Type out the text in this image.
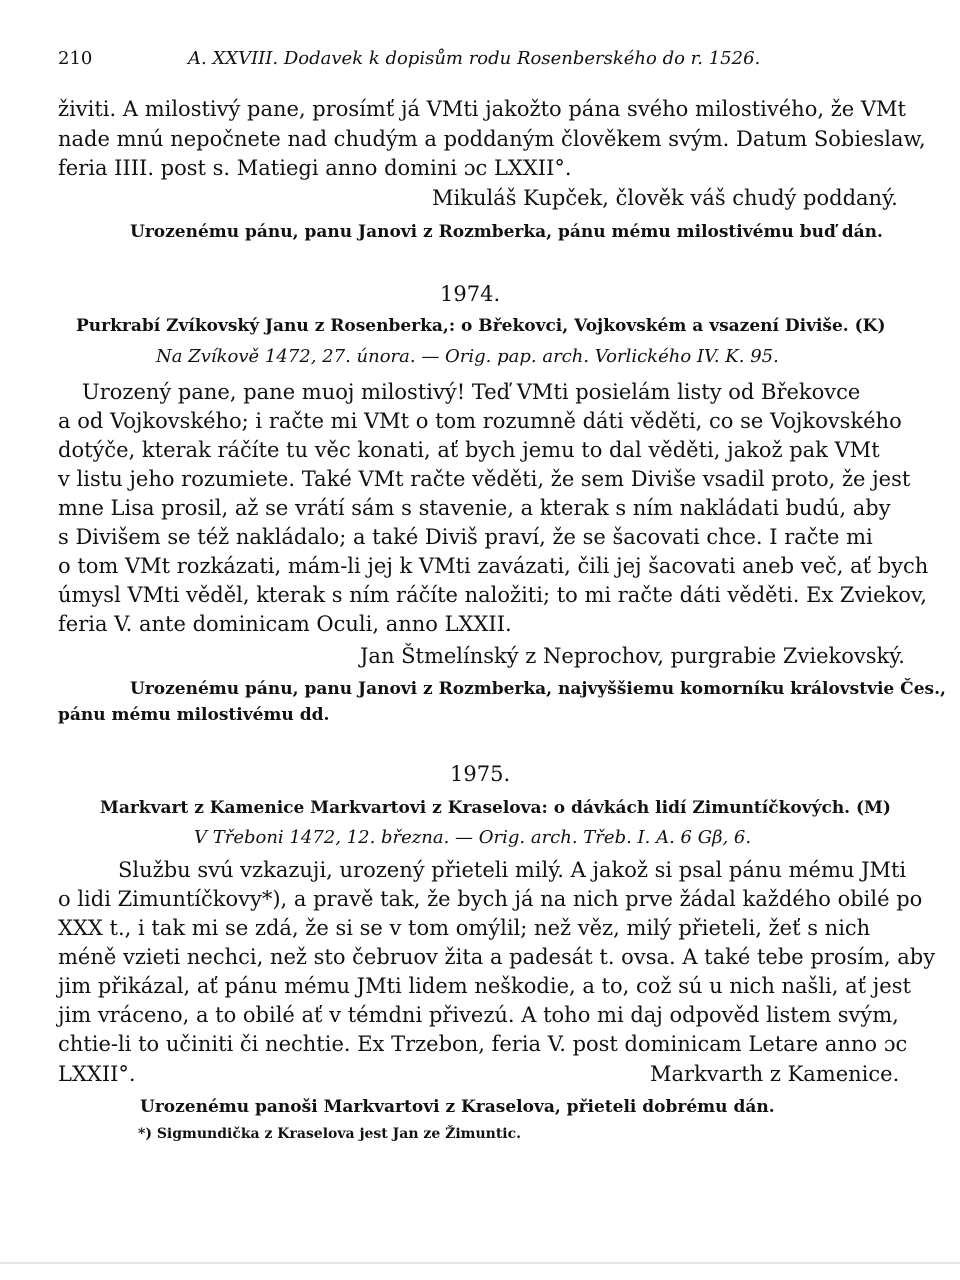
210	A. XXVIII. Dodavek k dopisům rodu Rosenberského do r. 1526.
živiti. A milostivý pane, prosímť já VMti jakožto pána svého milostivého, že VMt
nade mnú nepočnete nad chudým a poddaným člověkem svým. Datum Sobieslaw,
feria IIII. post s. Matiegi anno domini ɔc LXXII°.
Mikuláš Kupček, člověk váš chudý poddaný.
Urozenému pánu, panu Janovi z Rozmberka, pánu mému milostivému buď dán.
1974.
Purkrabí Zvíkovský Janu z Rosenberka,: o Břekovci, Vojkovském a vsazení Diviše. (K)
Na Zvíkově 1472, 27. února. — Orig. pap. arch. Vorlického IV. K. 95.
Urozený pane, pane muoj milostivý! Teď VMti posielám listy od Břekovce
a od Vojkovského; i račte mi VMt o tom rozumně dáti věděti, co se Vojkovského
dotýče, kterak ráčíte tu věc konati, ať bych jemu to dal věděti, jakož pak VMt
v listu jeho rozumiete. Také VMt račte věděti, že sem Diviše vsadil proto, že jest
mne Lisa prosil, až se vrátí sám s stavenie, a kterak s ním nakládati budú, aby
s Divišem se též nakládalo; a také Diviš praví, že se šacovati chce. I račte mi
o tom VMt rozkázati, mám-li jej k VMti zavázati, čili jej šacovati aneb več, ať bych
úmysl VMti věděl, kterak s ním ráčíte naložiti; to mi račte dáti věděti. Ex Zviekov,
feria V. ante dominicam Oculi, anno LXXII.
Jan Štmelínský z Neprochov, purgrabie Zviekovský.
Urozenému pánu, panu Janovi z Rozmberka, najvyššiemu komorníku královstvie Čes.,
pánu mému milostivému dd.
1975.
Markvart z Kamenice Markvartovi z Kraselova: o dávkách lidí Zimuntíčkových. (M)
V Třeboni 1472, 12. března. — Orig. arch. Třeb. I. A. 6 Gβ, 6.
Službu svú vzkazuji, urozený přieteli milý. A jakož si psal pánu mému JMti
o lidi Zimuntíčkovy*), a pravě tak, že bych já na nich prve žádal každého obilé po
XXX t., i tak mi se zdá, že si se v tom omýlil; než věz, milý přieteli, žeť s nich
méně vzieti nechci, než sto čebruov žita a padesát t. ovsa. A také tebe prosím, aby
jim přikázal, ať pánu mému JMti lidem neškodie, a to, což sú u nich našli, ať jest
jim vráceno, a to obilé ať v témdni přivezú. A toho mi daj odpověd listem svým,
chtie-li to učiniti či nechtie. Ex Trzebon, feria V. post dominicam Letare anno ɔc
LXXII°.	Markvarth z Kamenice.
Urozenému panoši Markvartovi z Kraselova, přieteli dobrému dán.
*) Sigmundička z Kraselova jest Jan ze Žimuntic.
